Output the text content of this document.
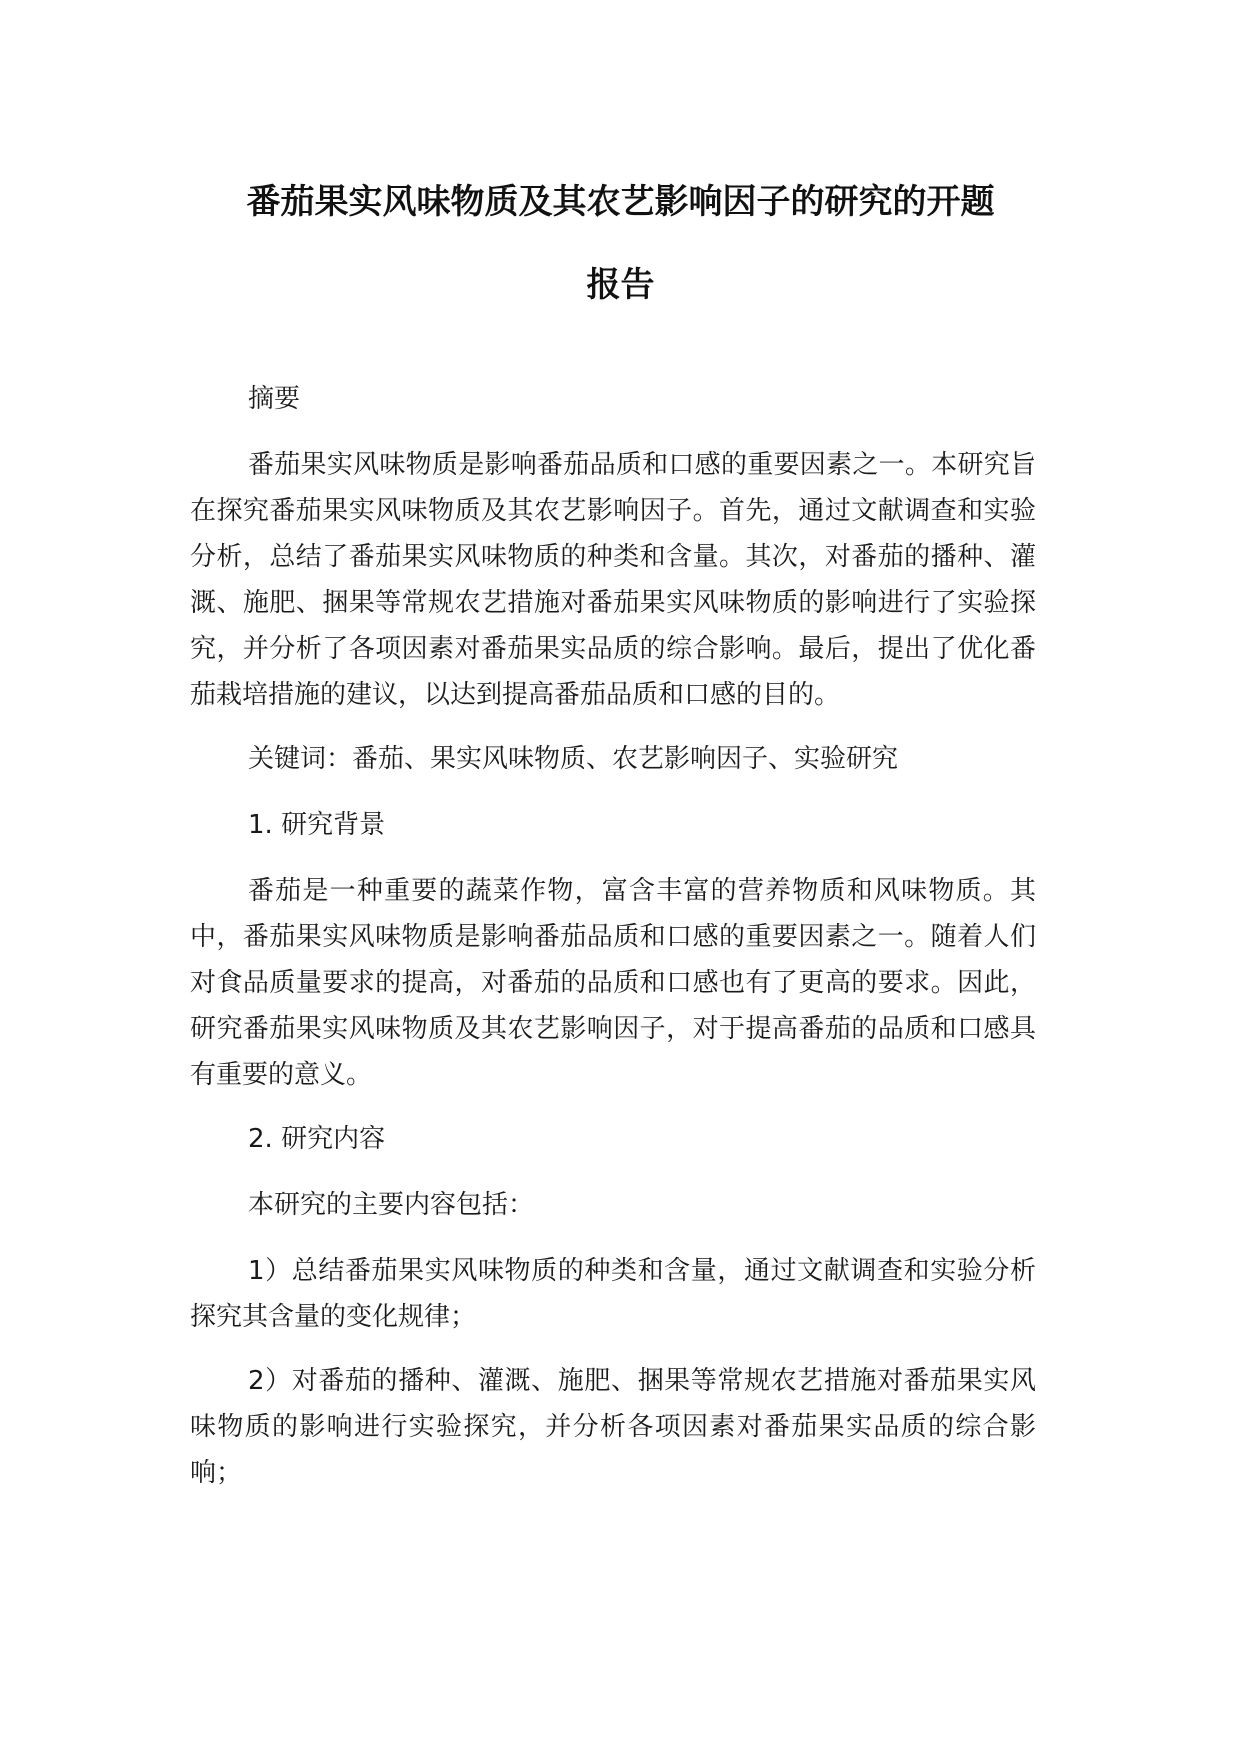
番茄果实风味物质及其农艺影响因子的研究的开题
报告

摘要

番茄果实风味物质是影响番茄品质和口感的重要因素之一。本研究旨在探究番茄果实风味物质及其农艺影响因子。首先，通过文献调查和实验分析，总结了番茄果实风味物质的种类和含量。其次，对番茄的播种、灌溉、施肥、捆果等常规农艺措施对番茄果实风味物质的影响进行了实验探究，并分析了各项因素对番茄果实品质的综合影响。最后，提出了优化番茄栽培措施的建议，以达到提高番茄品质和口感的目的。

关键词：番茄、果实风味物质、农艺影响因子、实验研究

1. 研究背景

番茄是一种重要的蔬菜作物，富含丰富的营养物质和风味物质。其中，番茄果实风味物质是影响番茄品质和口感的重要因素之一。随着人们对食品质量要求的提高，对番茄的品质和口感也有了更高的要求。因此，研究番茄果实风味物质及其农艺影响因子，对于提高番茄的品质和口感具有重要的意义。

2. 研究内容

本研究的主要内容包括：

1）总结番茄果实风味物质的种类和含量，通过文献调查和实验分析探究其含量的变化规律；

2）对番茄的播种、灌溉、施肥、捆果等常规农艺措施对番茄果实风味物质的影响进行实验探究，并分析各项因素对番茄果实品质的综合影响；
